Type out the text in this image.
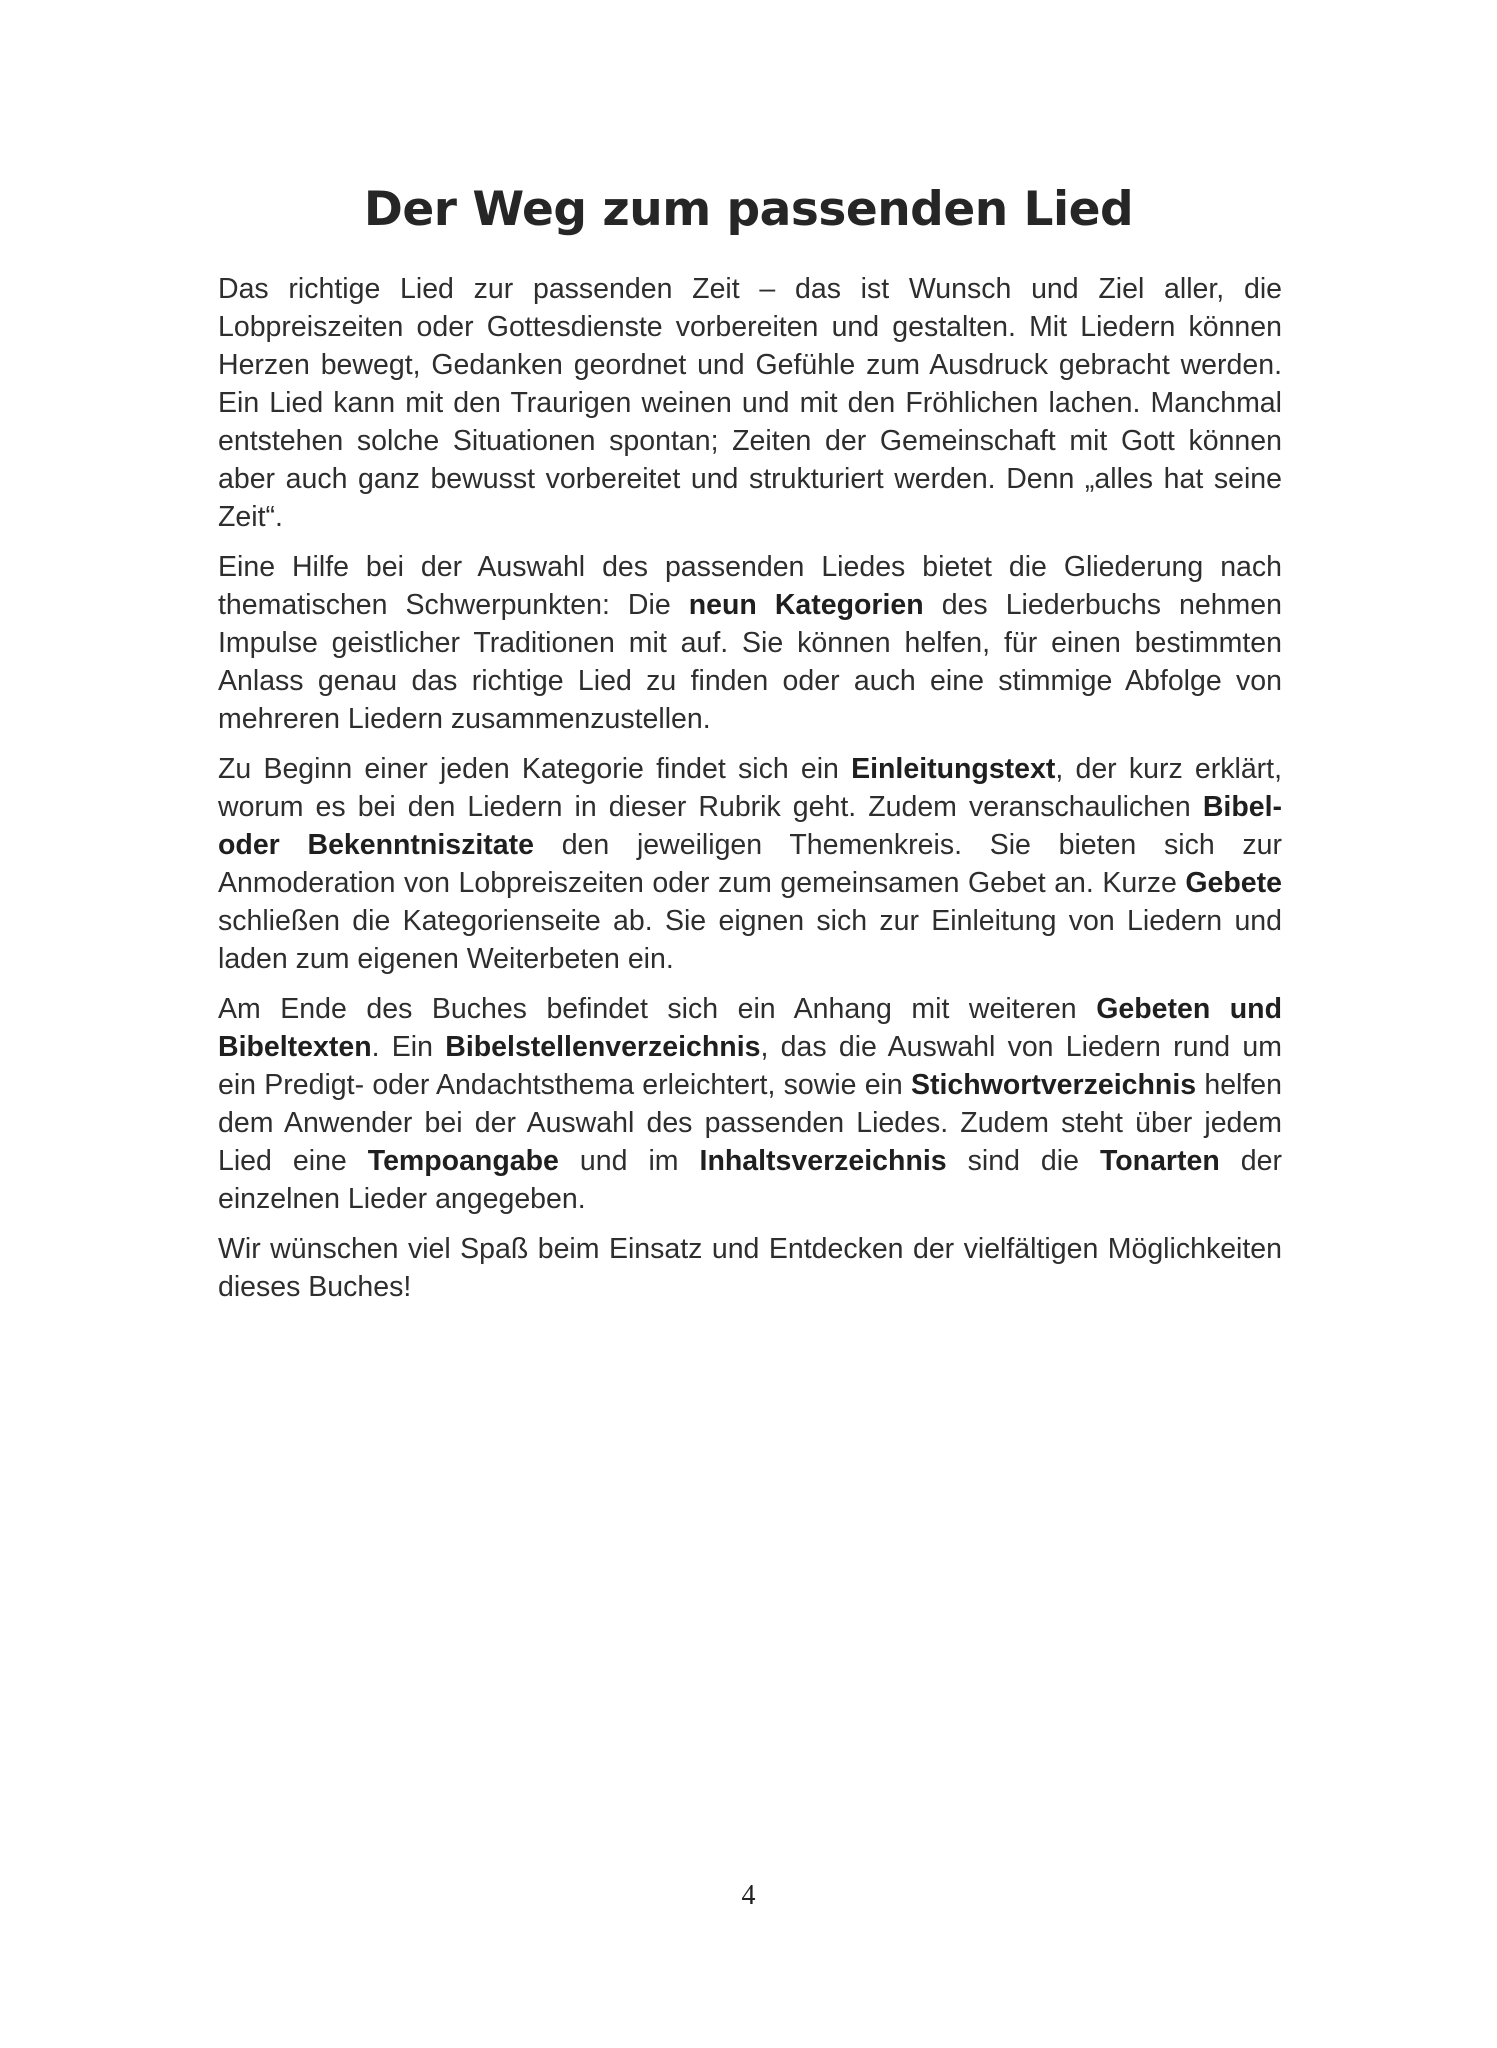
Der Weg zum passenden Lied

Das richtige Lied zur passenden Zeit – das ist Wunsch und Ziel aller, die Lobpreiszeiten oder Gottesdienste vorbereiten und gestalten. Mit Liedern können Herzen bewegt, Gedanken geordnet und Gefühle zum Ausdruck gebracht werden. Ein Lied kann mit den Traurigen weinen und mit den Fröhlichen lachen. Manchmal entstehen solche Situationen spontan; Zeiten der Gemeinschaft mit Gott können aber auch ganz bewusst vorbereitet und strukturiert werden. Denn „alles hat seine Zeit“.

Eine Hilfe bei der Auswahl des passenden Liedes bietet die Gliederung nach thematischen Schwerpunkten: Die neun Kategorien des Liederbuchs nehmen Impulse geistlicher Traditionen mit auf. Sie können helfen, für einen bestimmten Anlass genau das richtige Lied zu finden oder auch eine stimmige Abfolge von mehreren Liedern zusammenzustellen.

Zu Beginn einer jeden Kategorie findet sich ein Einleitungstext, der kurz erklärt, worum es bei den Liedern in dieser Rubrik geht. Zudem veranschaulichen Bibel- oder Bekenntniszitate den jeweiligen Themenkreis. Sie bieten sich zur Anmoderation von Lobpreiszeiten oder zum gemeinsamen Gebet an. Kurze Gebete schließen die Kategorienseite ab. Sie eignen sich zur Einleitung von Liedern und laden zum eigenen Weiterbeten ein.

Am Ende des Buches befindet sich ein Anhang mit weiteren Gebeten und Bibeltexten. Ein Bibelstellenverzeichnis, das die Auswahl von Liedern rund um ein Predigt- oder Andachtsthema erleichtert, sowie ein Stichwortverzeichnis helfen dem Anwender bei der Auswahl des passenden Liedes. Zudem steht über jedem Lied eine Tempoangabe und im Inhaltsverzeichnis sind die Tonarten der einzelnen Lieder angegeben.

Wir wünschen viel Spaß beim Einsatz und Entdecken der vielfältigen Möglichkeiten dieses Buches!

4
